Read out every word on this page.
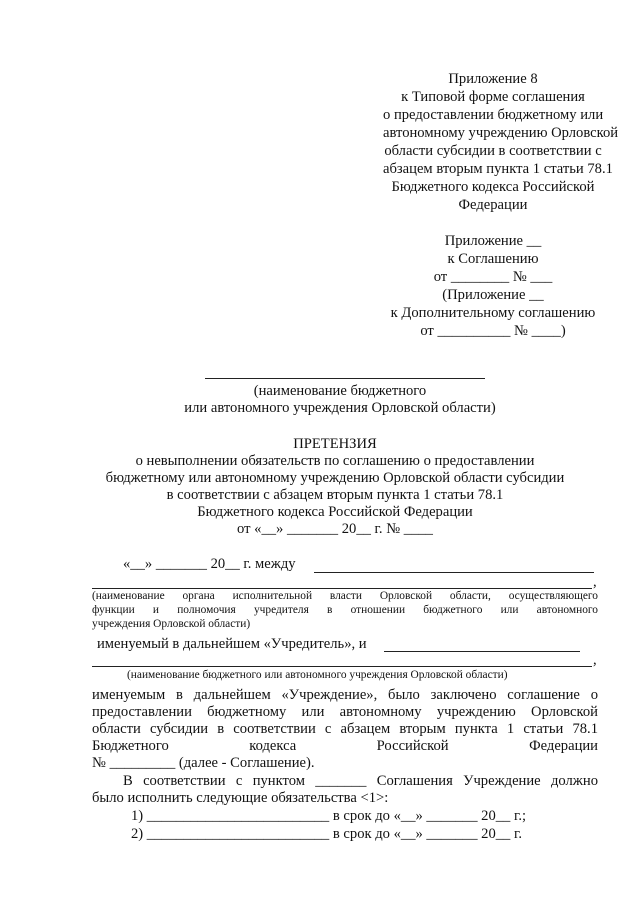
Приложение 8
к Типовой форме соглашения
о предоставлении бюджетному или
автономному учреждению Орловской
области субсидии в соответствии с
абзацем вторым пункта 1 статьи 78.1
Бюджетного кодекса Российской
Федерации
Приложение __
к Соглашению
от ________ № ___
(Приложение __
к Дополнительному соглашению
от __________ № ____)
(наименование бюджетного
или автономного учреждения Орловской области)
ПРЕТЕНЗИЯ
о невыполнении обязательств по соглашению о предоставлении
бюджетному или автономному учреждению Орловской области субсидии
в соответствии с абзацем вторым пункта 1 статьи 78.1
Бюджетного кодекса Российской Федерации
от «__» _______ 20__ г. № ____
«__» _______ 20__ г. между
,
(наименование органа исполнительной власти Орловской области, осуществляющего
функции и полномочия учредителя в отношении бюджетного или автономного
учреждения Орловской области)
именуемый в дальнейшем «Учредитель», и
,
(наименование бюджетного или автономного учреждения Орловской области)
именуемым в дальнейшем «Учреждение», было заключено соглашение о
предоставлении бюджетному или автономному учреждению Орловской
области субсидии в соответствии с абзацем вторым пункта 1 статьи 78.1
Бюджетного кодекса Российской Федерации
№ _________ (далее - Соглашение).
В соответствии с пунктом _______ Соглашения Учреждение должно
было исполнить следующие обязательства <1>:
1) _________________________ в срок до «__» _______ 20__ г.;
2) _________________________ в срок до «__» _______ 20__ г.
